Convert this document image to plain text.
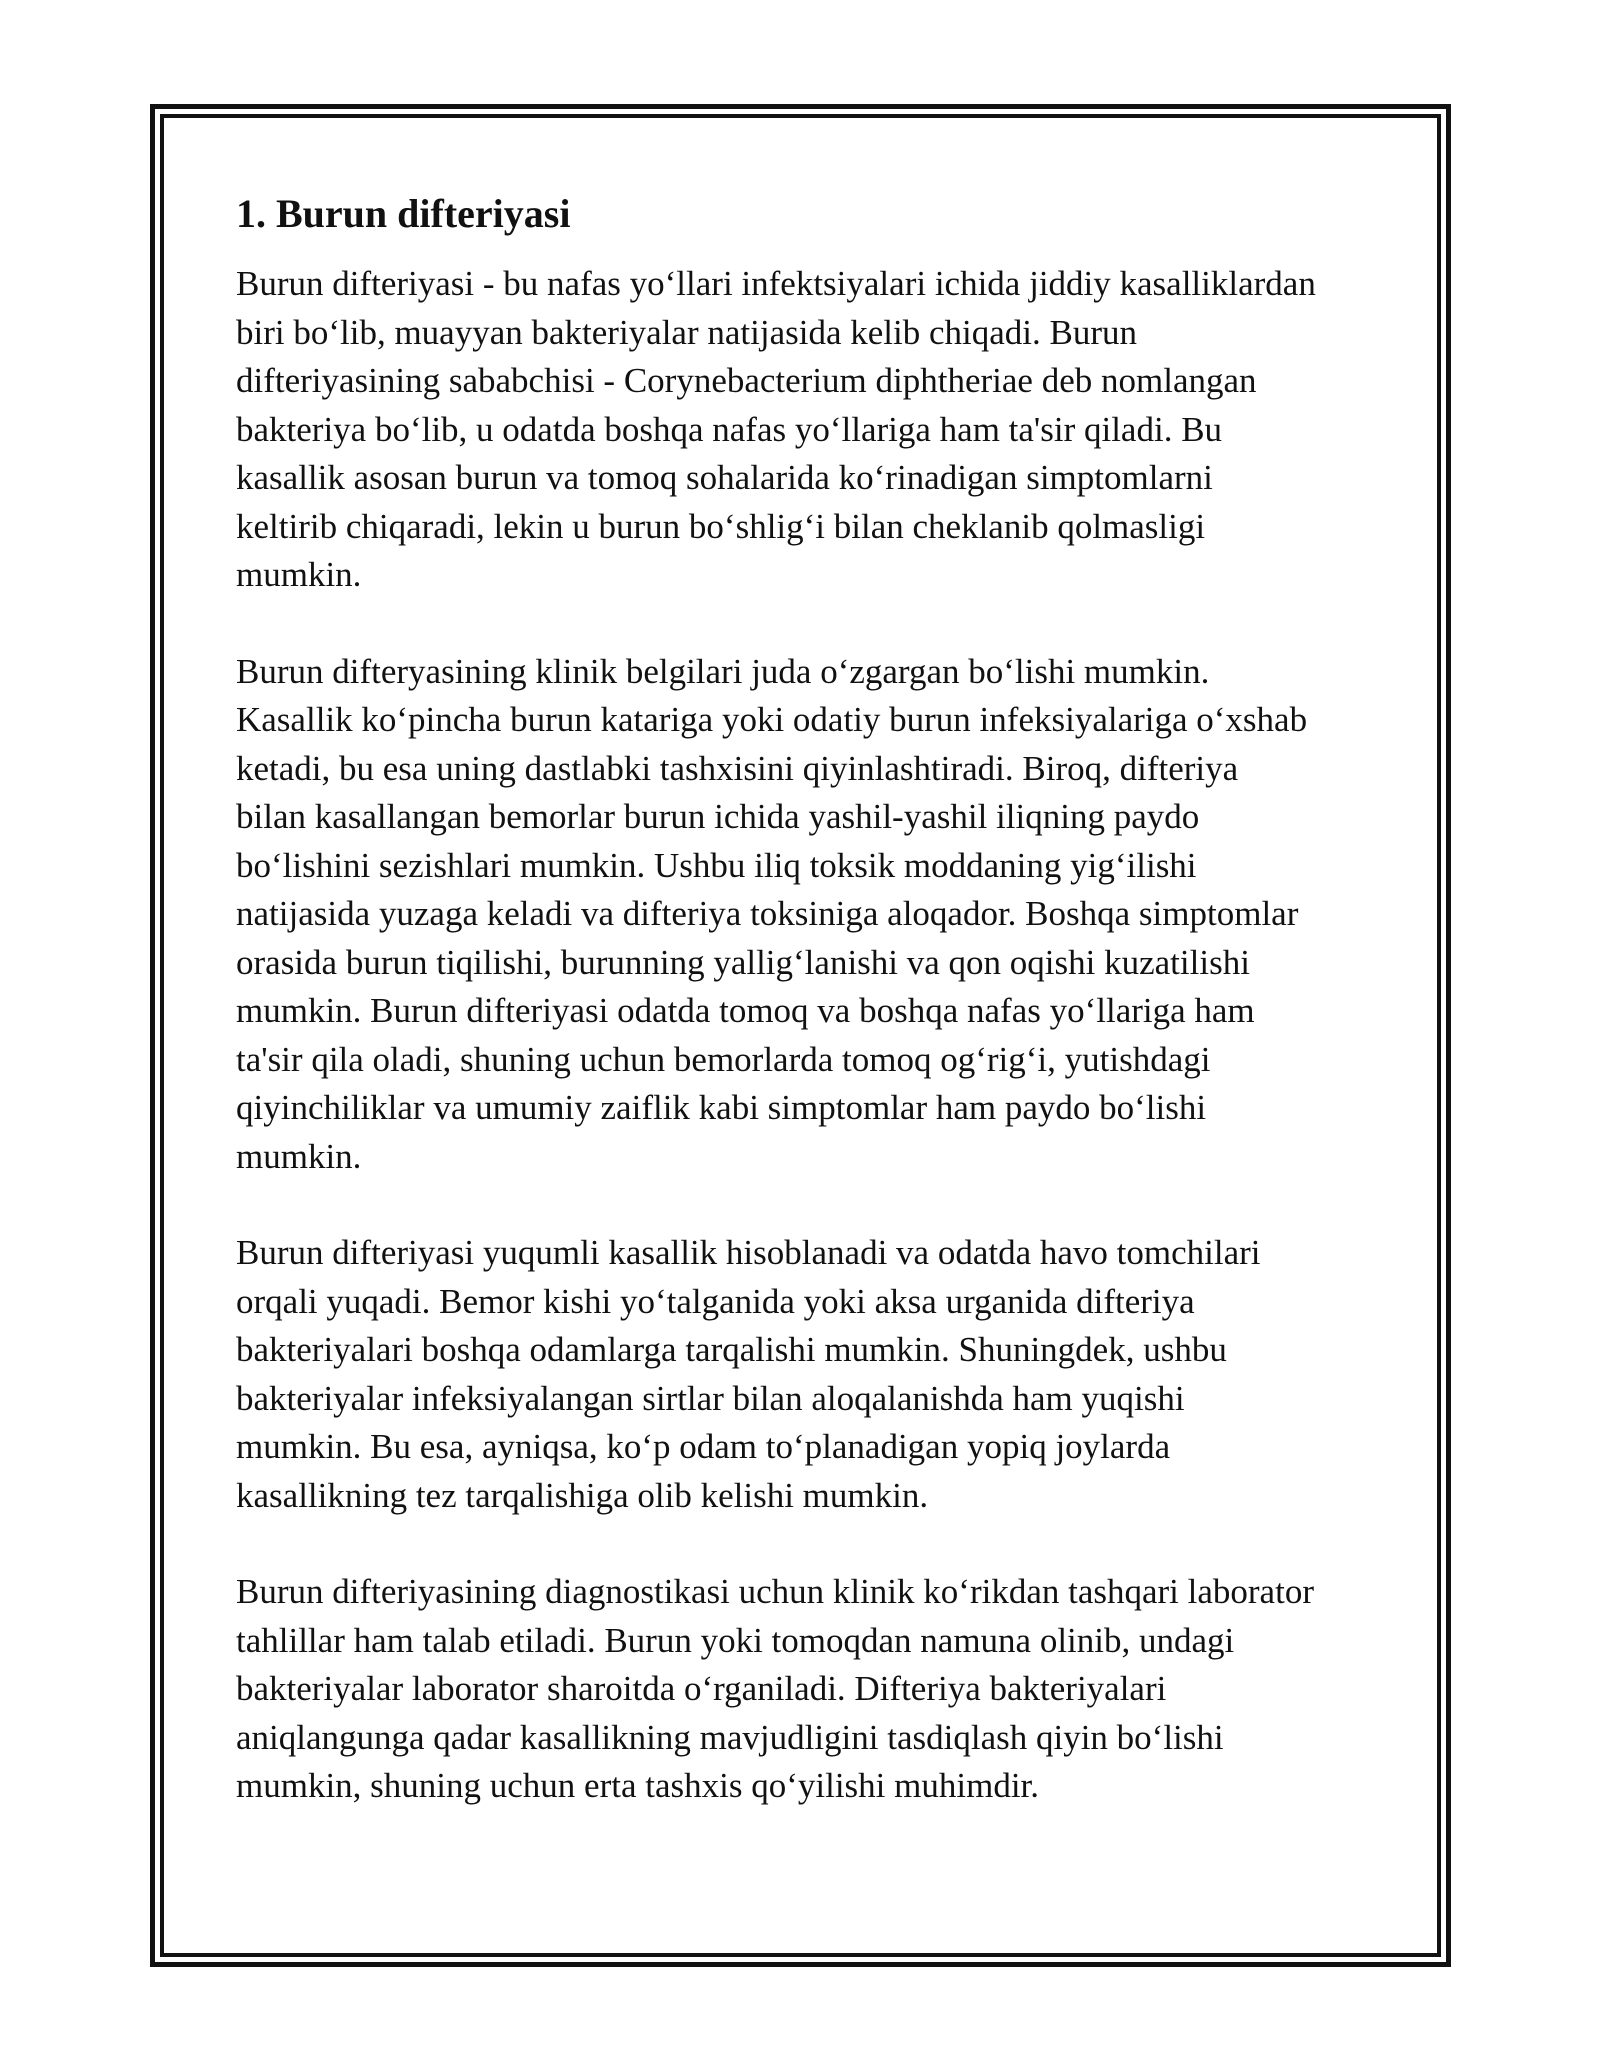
1. Burun difteriyasi

Burun difteriyasi - bu nafas yo‘llari infektsiyalari ichida jiddiy kasalliklardan
biri bo‘lib, muayyan bakteriyalar natijasida kelib chiqadi. Burun
difteriyasining sababchisi - Corynebacterium diphtheriae deb nomlangan
bakteriya bo‘lib, u odatda boshqa nafas yo‘llariga ham ta'sir qiladi. Bu
kasallik asosan burun va tomoq sohalarida ko‘rinadigan simptomlarni
keltirib chiqaradi, lekin u burun bo‘shlig‘i bilan cheklanib qolmasligi
mumkin.

Burun difteryasining klinik belgilari juda o‘zgargan bo‘lishi mumkin.
Kasallik ko‘pincha burun katariga yoki odatiy burun infeksiyalariga o‘xshab
ketadi, bu esa uning dastlabki tashxisini qiyinlashtiradi. Biroq, difteriya
bilan kasallangan bemorlar burun ichida yashil-yashil iliqning paydo
bo‘lishini sezishlari mumkin. Ushbu iliq toksik moddaning yig‘ilishi
natijasida yuzaga keladi va difteriya toksiniga aloqador. Boshqa simptomlar
orasida burun tiqilishi, burunning yallig‘lanishi va qon oqishi kuzatilishi
mumkin. Burun difteriyasi odatda tomoq va boshqa nafas yo‘llariga ham
ta'sir qila oladi, shuning uchun bemorlarda tomoq og‘rig‘i, yutishdagi
qiyinchiliklar va umumiy zaiflik kabi simptomlar ham paydo bo‘lishi
mumkin.

Burun difteriyasi yuqumli kasallik hisoblanadi va odatda havo tomchilari
orqali yuqadi. Bemor kishi yo‘talganida yoki aksa urganida difteriya
bakteriyalari boshqa odamlarga tarqalishi mumkin. Shuningdek, ushbu
bakteriyalar infeksiyalangan sirtlar bilan aloqalanishda ham yuqishi
mumkin. Bu esa, ayniqsa, ko‘p odam to‘planadigan yopiq joylarda
kasallikning tez tarqalishiga olib kelishi mumkin.

Burun difteriyasining diagnostikasi uchun klinik ko‘rikdan tashqari laborator
tahlillar ham talab etiladi. Burun yoki tomoqdan namuna olinib, undagi
bakteriyalar laborator sharoitda o‘rganiladi. Difteriya bakteriyalari
aniqlangunga qadar kasallikning mavjudligini tasdiqlash qiyin bo‘lishi
mumkin, shuning uchun erta tashxis qo‘yilishi muhimdir.
